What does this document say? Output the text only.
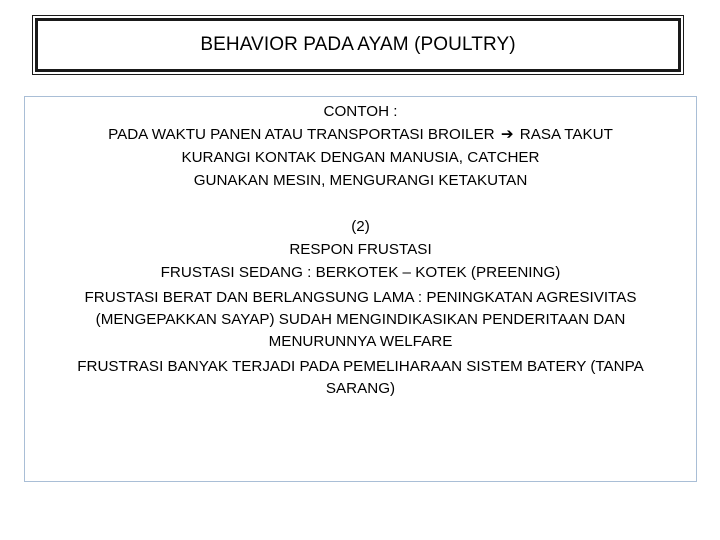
BEHAVIOR PADA AYAM (POULTRY)
CONTOH :
PADA WAKTU PANEN ATAU TRANSPORTASI BROILER ➔ RASA TAKUT
KURANGI KONTAK DENGAN MANUSIA, CATCHER
GUNAKAN MESIN, MENGURANGI KETAKUTAN
(2)
RESPON FRUSTASI
FRUSTASI SEDANG : BERKOTEK – KOTEK (PREENING)
FRUSTASI BERAT DAN BERLANGSUNG LAMA : PENINGKATAN AGRESIVITAS (MENGEPAKKAN SAYAP) SUDAH MENGINDIKASIKAN PENDERITAAN DAN MENURUNNYA WELFARE
FRUSTRASI BANYAK TERJADI PADA PEMELIHARAAN SISTEM BATERY (TANPA SARANG)
